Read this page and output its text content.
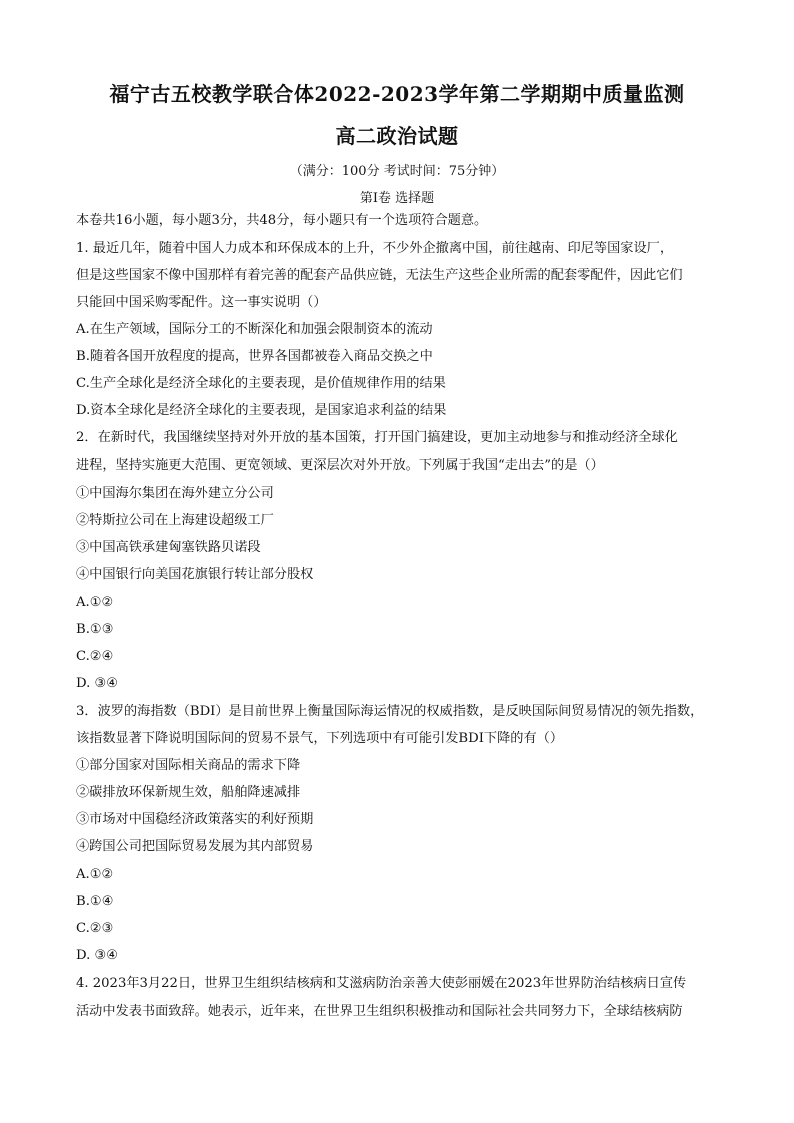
福宁古五校教学联合体2022-2023学年第二学期期中质量监测
高二政治试题
（满分：100分 考试时间：75分钟）
第I卷 选择题
本卷共16小题，每小题3分，共48分，每小题只有一个选项符合题意。
1. 最近几年，随着中国人力成本和环保成本的上升，不少外企撤离中国，前往越南、印尼等国家设厂，
但是这些国家不像中国那样有着完善的配套产品供应链，无法生产这些企业所需的配套零配件，因此它们
只能回中国采购零配件。这一事实说明（）
A.在生产领域，国际分工的不断深化和加强会限制资本的流动
B.随着各国开放程度的提高，世界各国都被卷入商品交换之中
C.生产全球化是经济全球化的主要表现，是价值规律作用的结果
D.资本全球化是经济全球化的主要表现，是国家追求利益的结果
2．在新时代，我国继续坚持对外开放的基本国策，打开国门搞建设，更加主动地参与和推动经济全球化
进程，坚持实施更大范围、更宽领域、更深层次对外开放。下列属于我国“走出去”的是（）
①中国海尔集团在海外建立分公司
②特斯拉公司在上海建设超级工厂
③中国高铁承建匈塞铁路贝诺段
④中国银行向美国花旗银行转让部分股权
A.①②
B.①③
C.②④
D. ③④
3．波罗的海指数（BDI）是目前世界上衡量国际海运情况的权威指数，是反映国际间贸易情况的领先指数，
该指数显著下降说明国际间的贸易不景气，下列选项中有可能引发BDI下降的有（）
①部分国家对国际相关商品的需求下降
②碳排放环保新规生效，船舶降速减排
③市场对中国稳经济政策落实的利好预期
④跨国公司把国际贸易发展为其内部贸易
A.①②
B.①④
C.②③
D. ③④
4. 2023年3月22日，世界卫生组织结核病和艾滋病防治亲善大使彭丽媛在2023年世界防治结核病日宣传
活动中发表书面致辞。她表示，近年来，在世界卫生组织积极推动和国际社会共同努力下，全球结核病防
